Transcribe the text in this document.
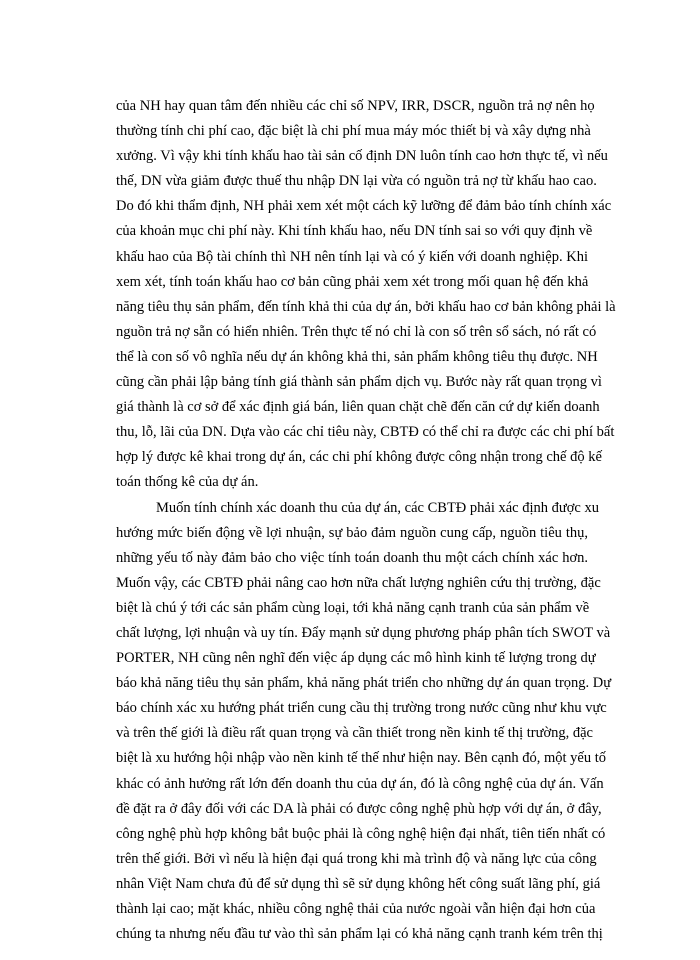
của NH hay quan tâm đến nhiều các chỉ số NPV, IRR, DSCR, nguồn trả nợ nên họ
thường tính chi phí cao, đặc biệt là chi phí mua máy móc thiết bị và xây dựng nhà
xưởng. Vì vậy khi tính khấu hao tài sản cố định DN luôn tính cao hơn thực tế, vì nếu
thế, DN vừa giảm được thuế thu nhập DN lại vừa có nguồn trả nợ từ khấu hao cao.
Do đó khi thẩm định, NH phải xem xét một cách kỹ lưỡng để đảm bảo tính chính xác
của khoản mục chi phí này. Khi tính khấu hao, nếu DN tính sai so với quy định về
khấu hao của Bộ tài chính thì NH nên tính lại và có ý kiến với doanh nghiệp. Khi
xem xét, tính toán khấu hao cơ bản cũng phải xem xét trong mối quan hệ đến khả
năng tiêu thụ sản phẩm, đến tính khả thi của dự án, bởi khấu hao cơ bản không phải là
nguồn trả nợ sẵn có hiển nhiên. Trên thực tế nó chỉ là con số trên sổ sách, nó rất có
thể là con số vô nghĩa nếu dự án không khả thi, sản phẩm không tiêu thụ được. NH
cũng cần phải lập bảng tính giá thành sản phẩm dịch vụ. Bước này rất quan trọng vì
giá thành là cơ sở để xác định giá bán, liên quan chặt chẽ đến căn cứ dự kiến doanh
thu, lỗ, lãi của DN. Dựa vào các chỉ tiêu này, CBTĐ có thể chỉ ra được các chi phí bất
hợp lý được kê khai trong dự án, các chi phí không được công nhận trong chế độ kế
toán thống kê của dự án.
Muốn tính chính xác doanh thu của dự án, các CBTĐ phải xác định được xu
hướng mức biến động về lợi nhuận, sự bảo đảm nguồn cung cấp, nguồn tiêu thụ,
những yếu tố này đảm bảo cho việc tính toán doanh thu một cách chính xác hơn.
Muốn vậy, các CBTĐ phải nâng cao hơn nữa chất lượng nghiên cứu thị trường, đặc
biệt là chú ý tới các sản phẩm cùng loại, tới khả năng cạnh tranh của sản phẩm về
chất lượng, lợi nhuận và uy tín. Đẩy mạnh sử dụng phương pháp phân tích SWOT và
PORTER, NH cũng nên nghĩ đến việc áp dụng các mô hình kinh tế lượng trong dự
báo khả năng tiêu thụ sản phẩm, khả năng phát triển cho những dự án quan trọng. Dự
báo chính xác xu hướng phát triển cung cầu thị trường trong nước cũng như khu vực
và trên thế giới là điều rất quan trọng và cần thiết trong nền kinh tế thị trường, đặc
biệt là xu hướng hội nhập vào nền kinh tế thế như hiện nay. Bên cạnh đó, một yếu tố
khác có ảnh hưởng rất lớn đến doanh thu của dự án, đó là công nghệ của dự án. Vấn
đề đặt ra ở đây đối với các DA là phải có được công nghệ phù hợp với dự án, ở đây,
công nghệ phù hợp không bắt buộc phải là công nghệ hiện đại nhất, tiên tiến nhất có
trên thế giới. Bởi vì nếu là hiện đại quá trong khi mà trình độ và năng lực của công
nhân Việt Nam chưa đủ để sử dụng thì sẽ sử dụng không hết công suất lãng phí, giá
thành lại cao; mặt khác, nhiều công nghệ thải của nước ngoài vẫn hiện đại hơn của
chúng ta nhưng nếu đầu tư vào thì sản phẩm lại có khả năng cạnh tranh kém trên thị
